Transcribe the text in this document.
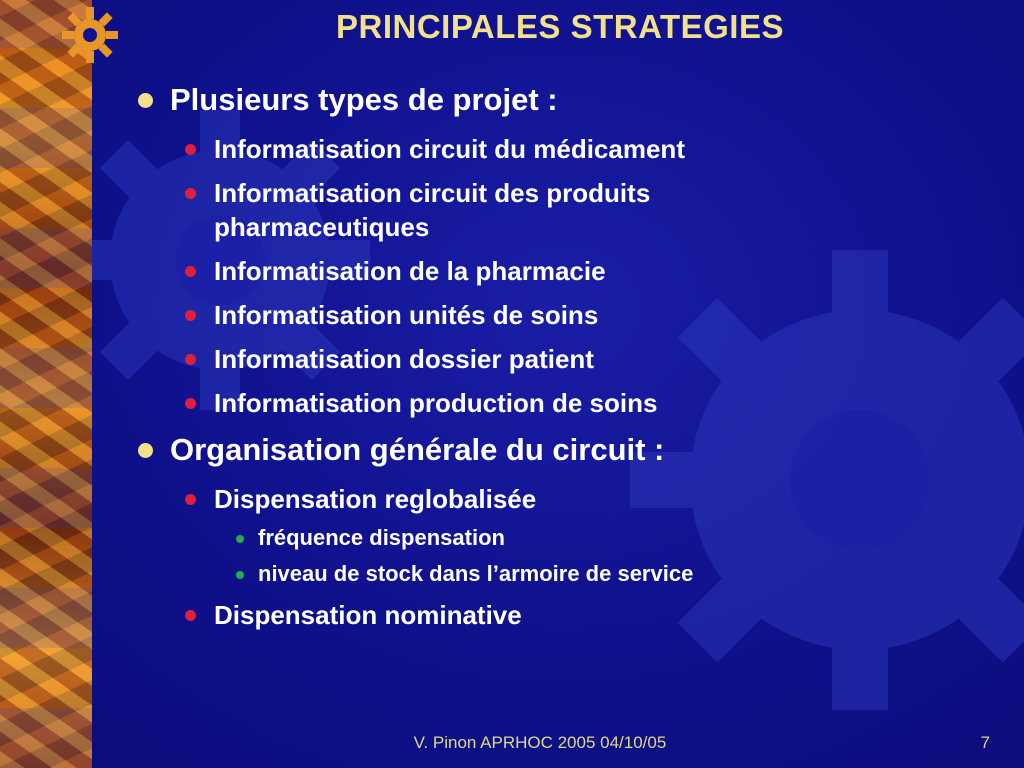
PRINCIPALES STRATEGIES
Plusieurs types de projet :
Informatisation circuit du médicament
Informatisation circuit des produits pharmaceutiques
Informatisation de la pharmacie
Informatisation unités de soins
Informatisation dossier patient
Informatisation production de soins
Organisation générale du circuit :
Dispensation reglobalisée
fréquence dispensation
niveau de stock dans l’armoire de service
Dispensation nominative
V. Pinon APRHOC 2005 04/10/05	7
